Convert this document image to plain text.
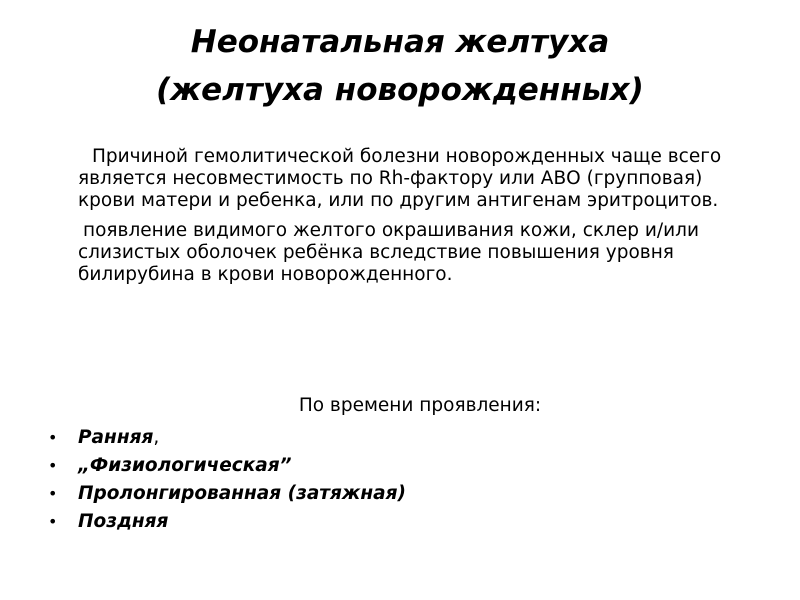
Неонатальная желтуха
(желтуха новорожденных)

Причиной гемолитической болезни новорожденных чаще всего является несовместимость по Rh-фактору или АВО (групповая) крови матери и ребенка, или по другим антигенам эритроцитов.

появление видимого желтого окрашивания кожи, склер и/или слизистых оболочек ребёнка вследствие повышения уровня билирубина в крови новорожденного.

По времени проявления:
• Ранняя,
• „Физиологическая”
• Пролонгированная (затяжная)
• Поздняя
